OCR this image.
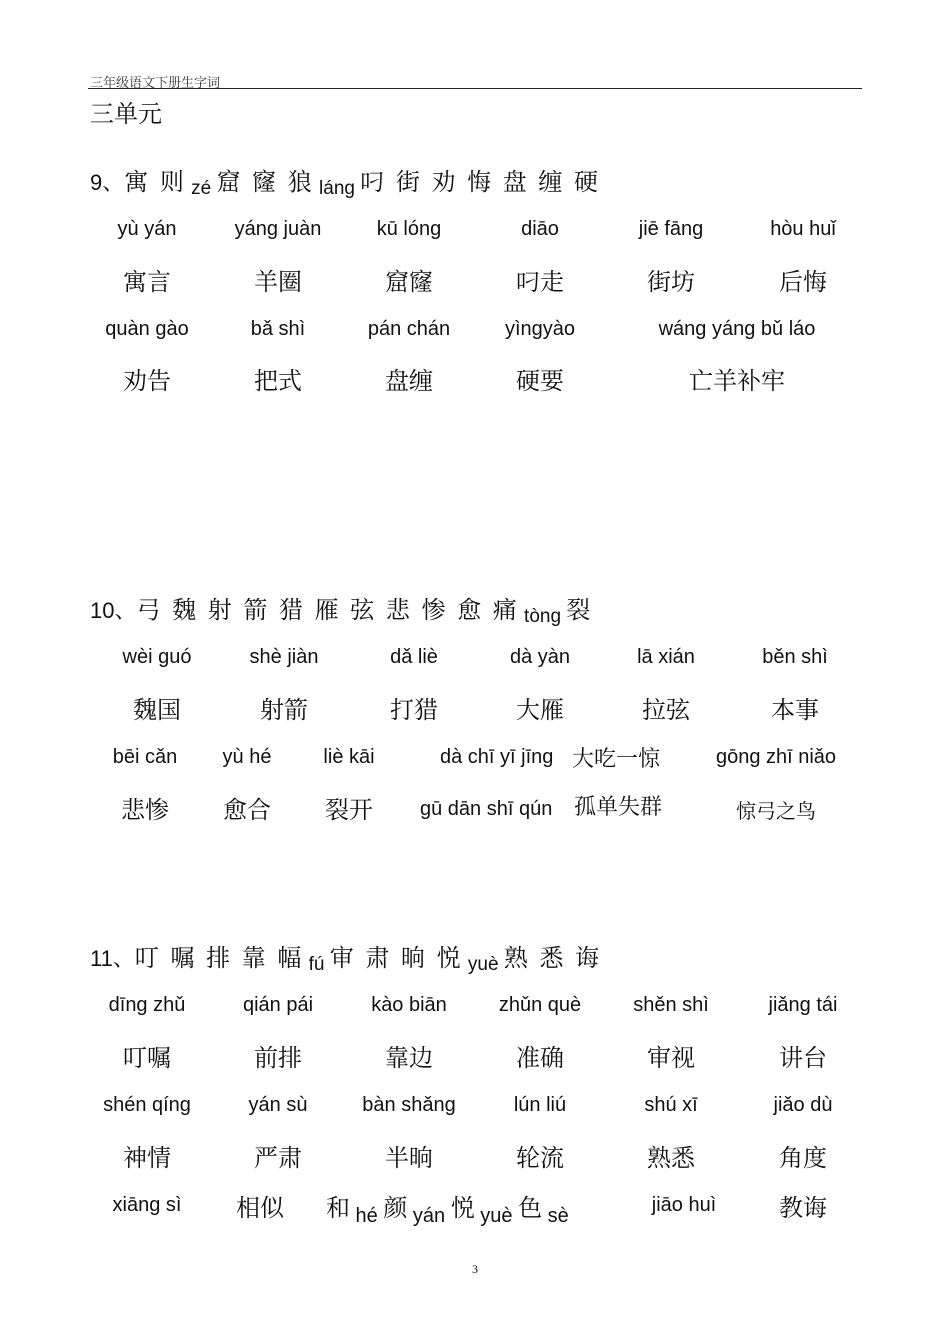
三年级语文下册生字词
三单元
9、寓 则 zé 窟 窿 狼 láng 叼 街 劝 悔 盘 缠 硬
yù yán
寓言
yáng juàn
羊圈
kū lóng
窟窿
diāo
叼走
jiē fāng
街坊
hòu huǐ
后悔
quàn gào
劝告
bǎ shì
把式
pán chán
盘缠
yìngyào
硬要
wáng yáng bǔ láo
亡羊补牢
10、弓 魏 射 箭 猎 雁 弦 悲 惨 愈 痛 tòng 裂
wèi guó
魏国
shè jiàn
射箭
dǎ liè
打猎
dà yàn
大雁
lā xián
拉弦
běn shì
本事
bēi cǎn
悲惨
yù hé
愈合
liè kāi
裂开
dà chī yī jīng 大吃一惊
gū dān shī qún 孤单失群
gōng zhī niǎo
惊弓之鸟
11、叮 嘱 排 靠 幅 fú 审 肃 晌 悦 yuè 熟 悉 诲
dīng zhǔ
叮嘱
qián pái
前排
kào biān
靠边
zhǔn què
准确
shěn shì
审视
jiǎng tái
讲台
shén qíng
神情
yán sù
严肃
bàn shǎng
半晌
lún liú
轮流
shú xī
熟悉
jiǎo dù
角度
xiāng sì 相似 和 $_{hé}$ 颜 $_{yán}$ 悦 $_{yuè}$ 色 $_{sè}$	jiāo huì	教诲
3
